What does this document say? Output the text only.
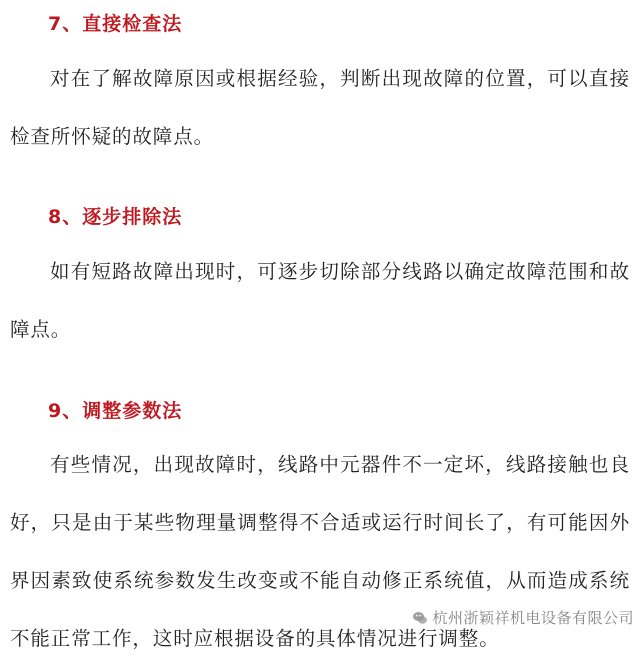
7、直接检查法

对在了解故障原因或根据经验，判断出现故障的位置，可以直接检查所怀疑的故障点。

8、逐步排除法

如有短路故障出现时，可逐步切除部分线路以确定故障范围和故障点。

9、调整参数法

有些情况，出现故障时，线路中元器件不一定坏，线路接触也良好，只是由于某些物理量调整得不合适或运行时间长了，有可能因外界因素致使系统参数发生改变或不能自动修正系统值，从而造成系统不能正常工作，这时应根据设备的具体情况进行调整。

杭州浙颖祥机电设备有限公司
